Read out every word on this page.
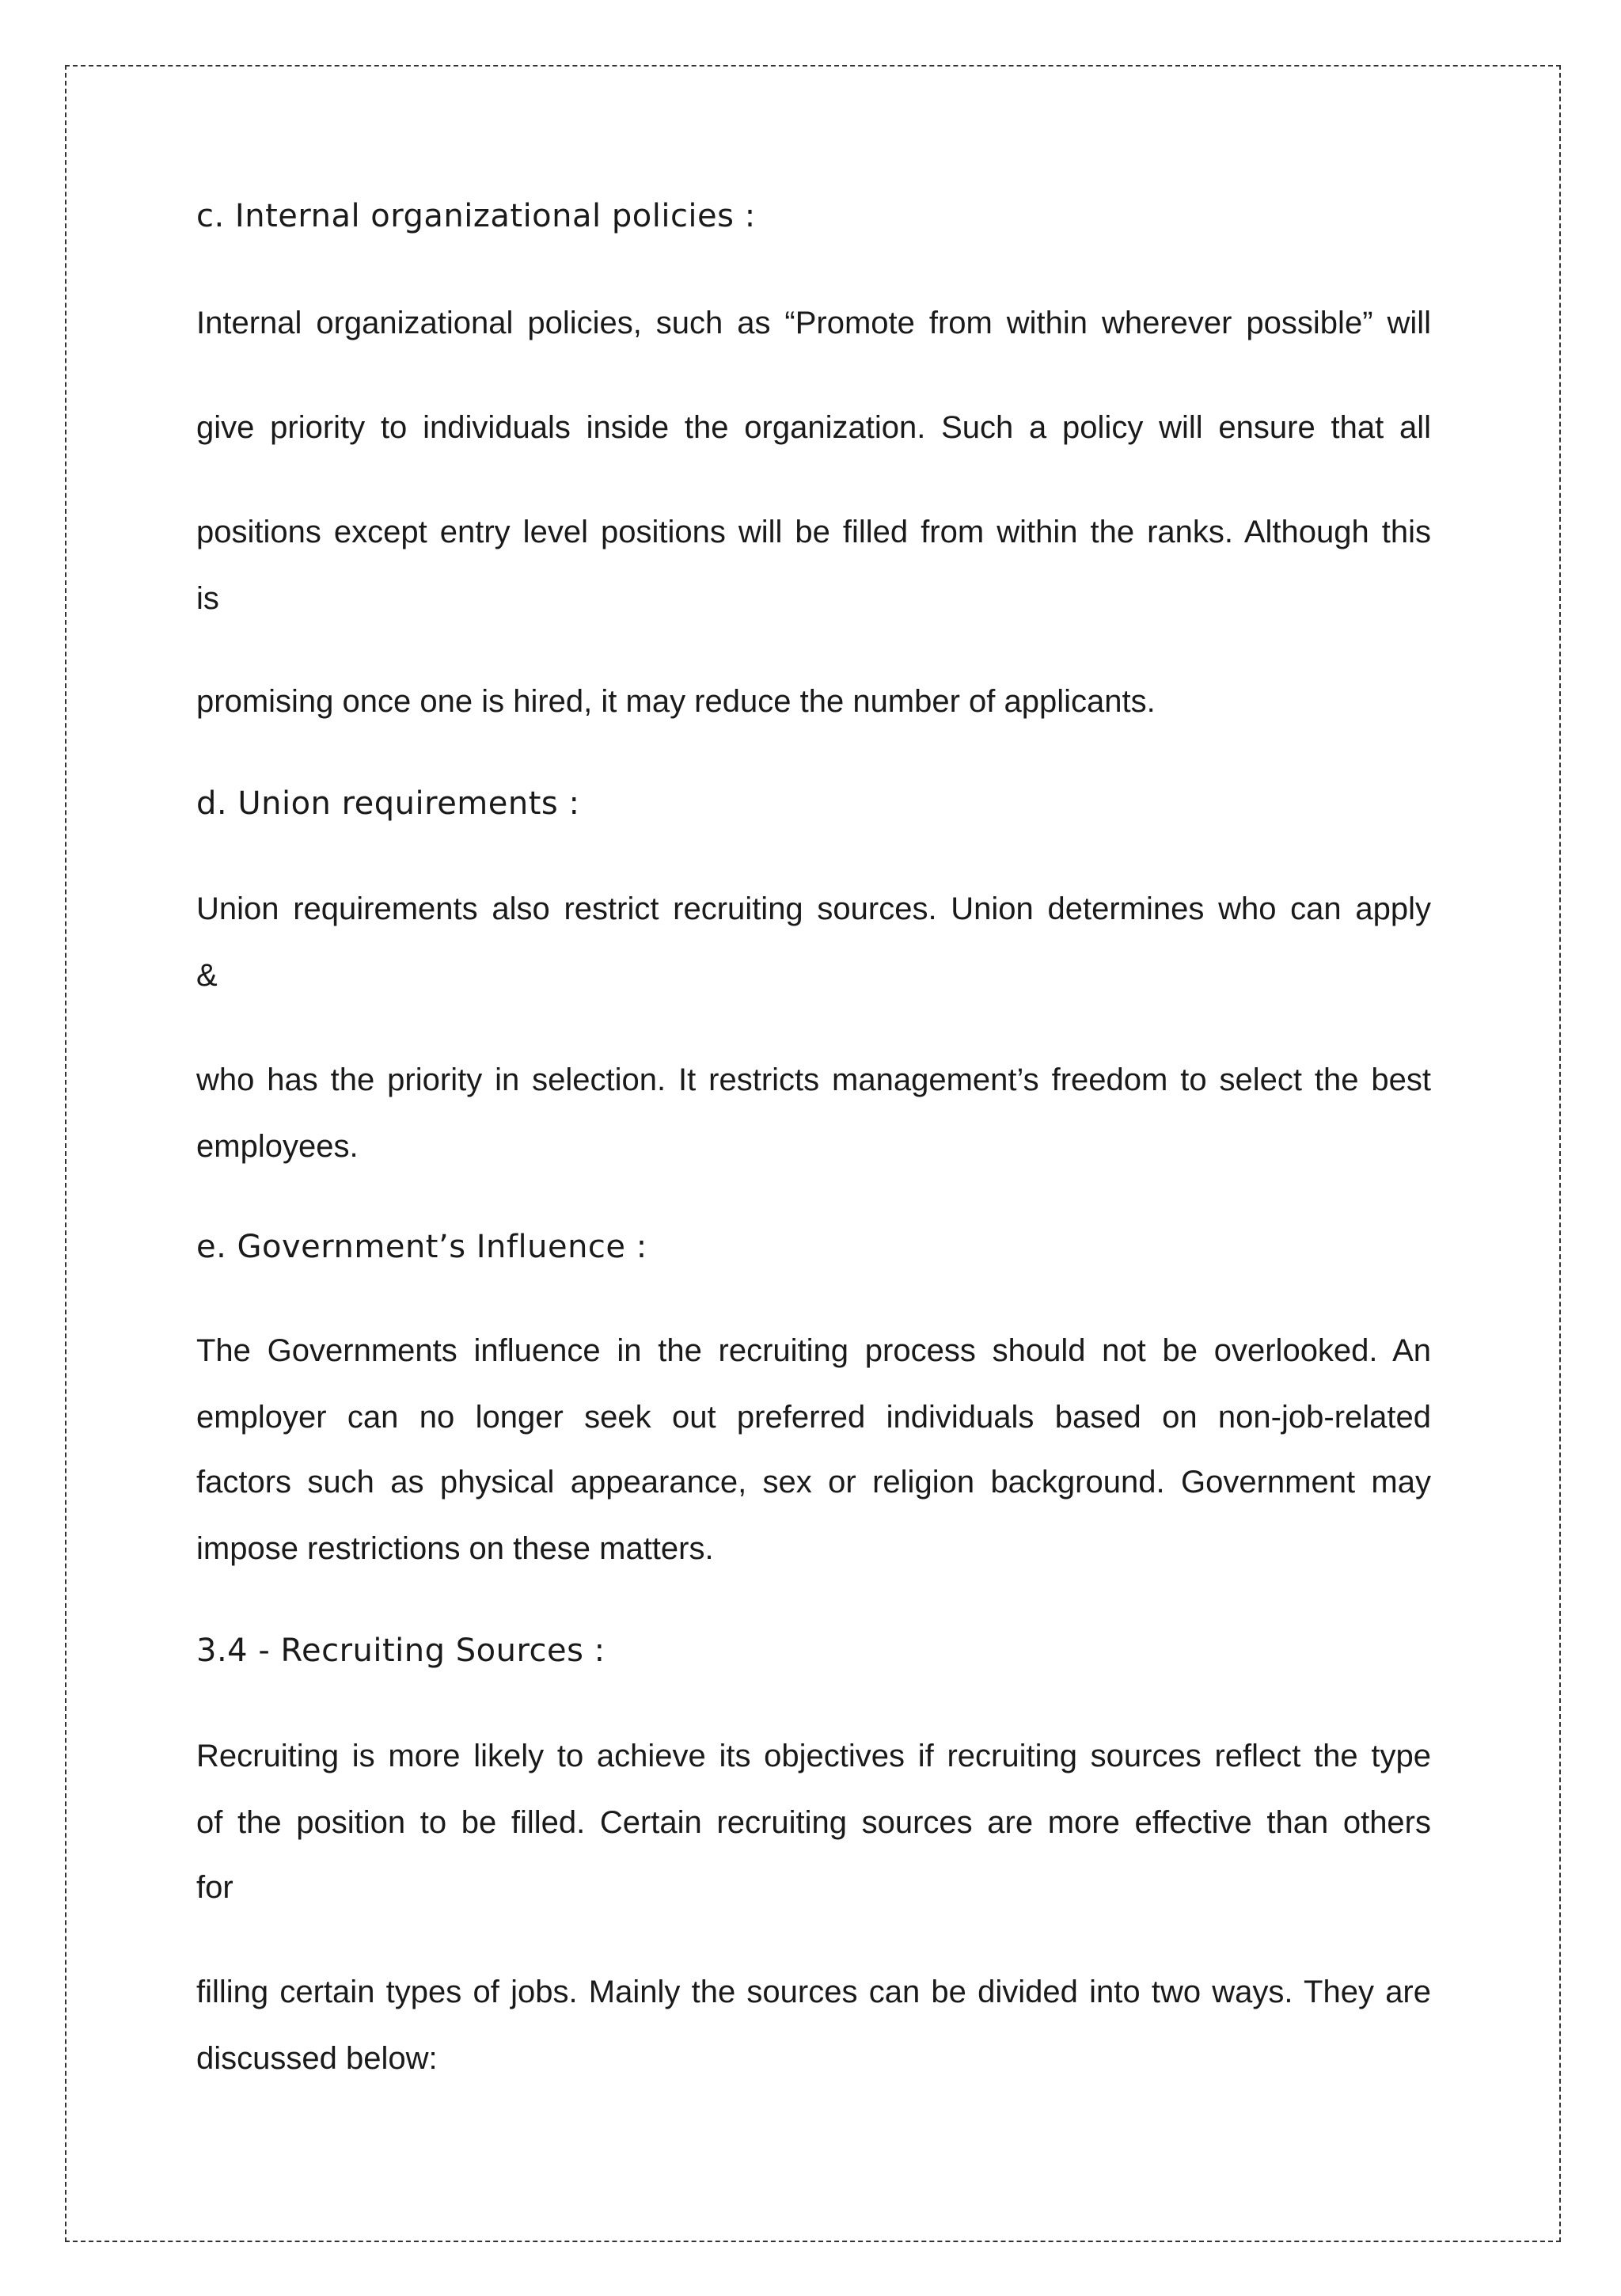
c. Internal organizational policies :
Internal organizational policies, such as “Promote from within wherever possible” will
give priority to individuals inside the organization. Such a policy will ensure that all
positions except entry level positions will be filled from within the ranks. Although this
is
promising once one is hired, it may reduce the number of applicants.
d. Union requirements :
Union requirements also restrict recruiting sources. Union determines who can apply
&
who has the priority in selection. It restricts management’s freedom to select the best
employees.
e. Government’s Influence :
The Governments influence in the recruiting process should not be overlooked. An
employer can no longer seek out preferred individuals based on non-job-related
factors such as physical appearance, sex or religion background. Government may
impose restrictions on these matters.
3.4 - Recruiting Sources :
Recruiting is more likely to achieve its objectives if recruiting sources reflect the type
of the position to be filled. Certain recruiting sources are more effective than others
for
filling certain types of jobs. Mainly the sources can be divided into two ways. They are
discussed below:
